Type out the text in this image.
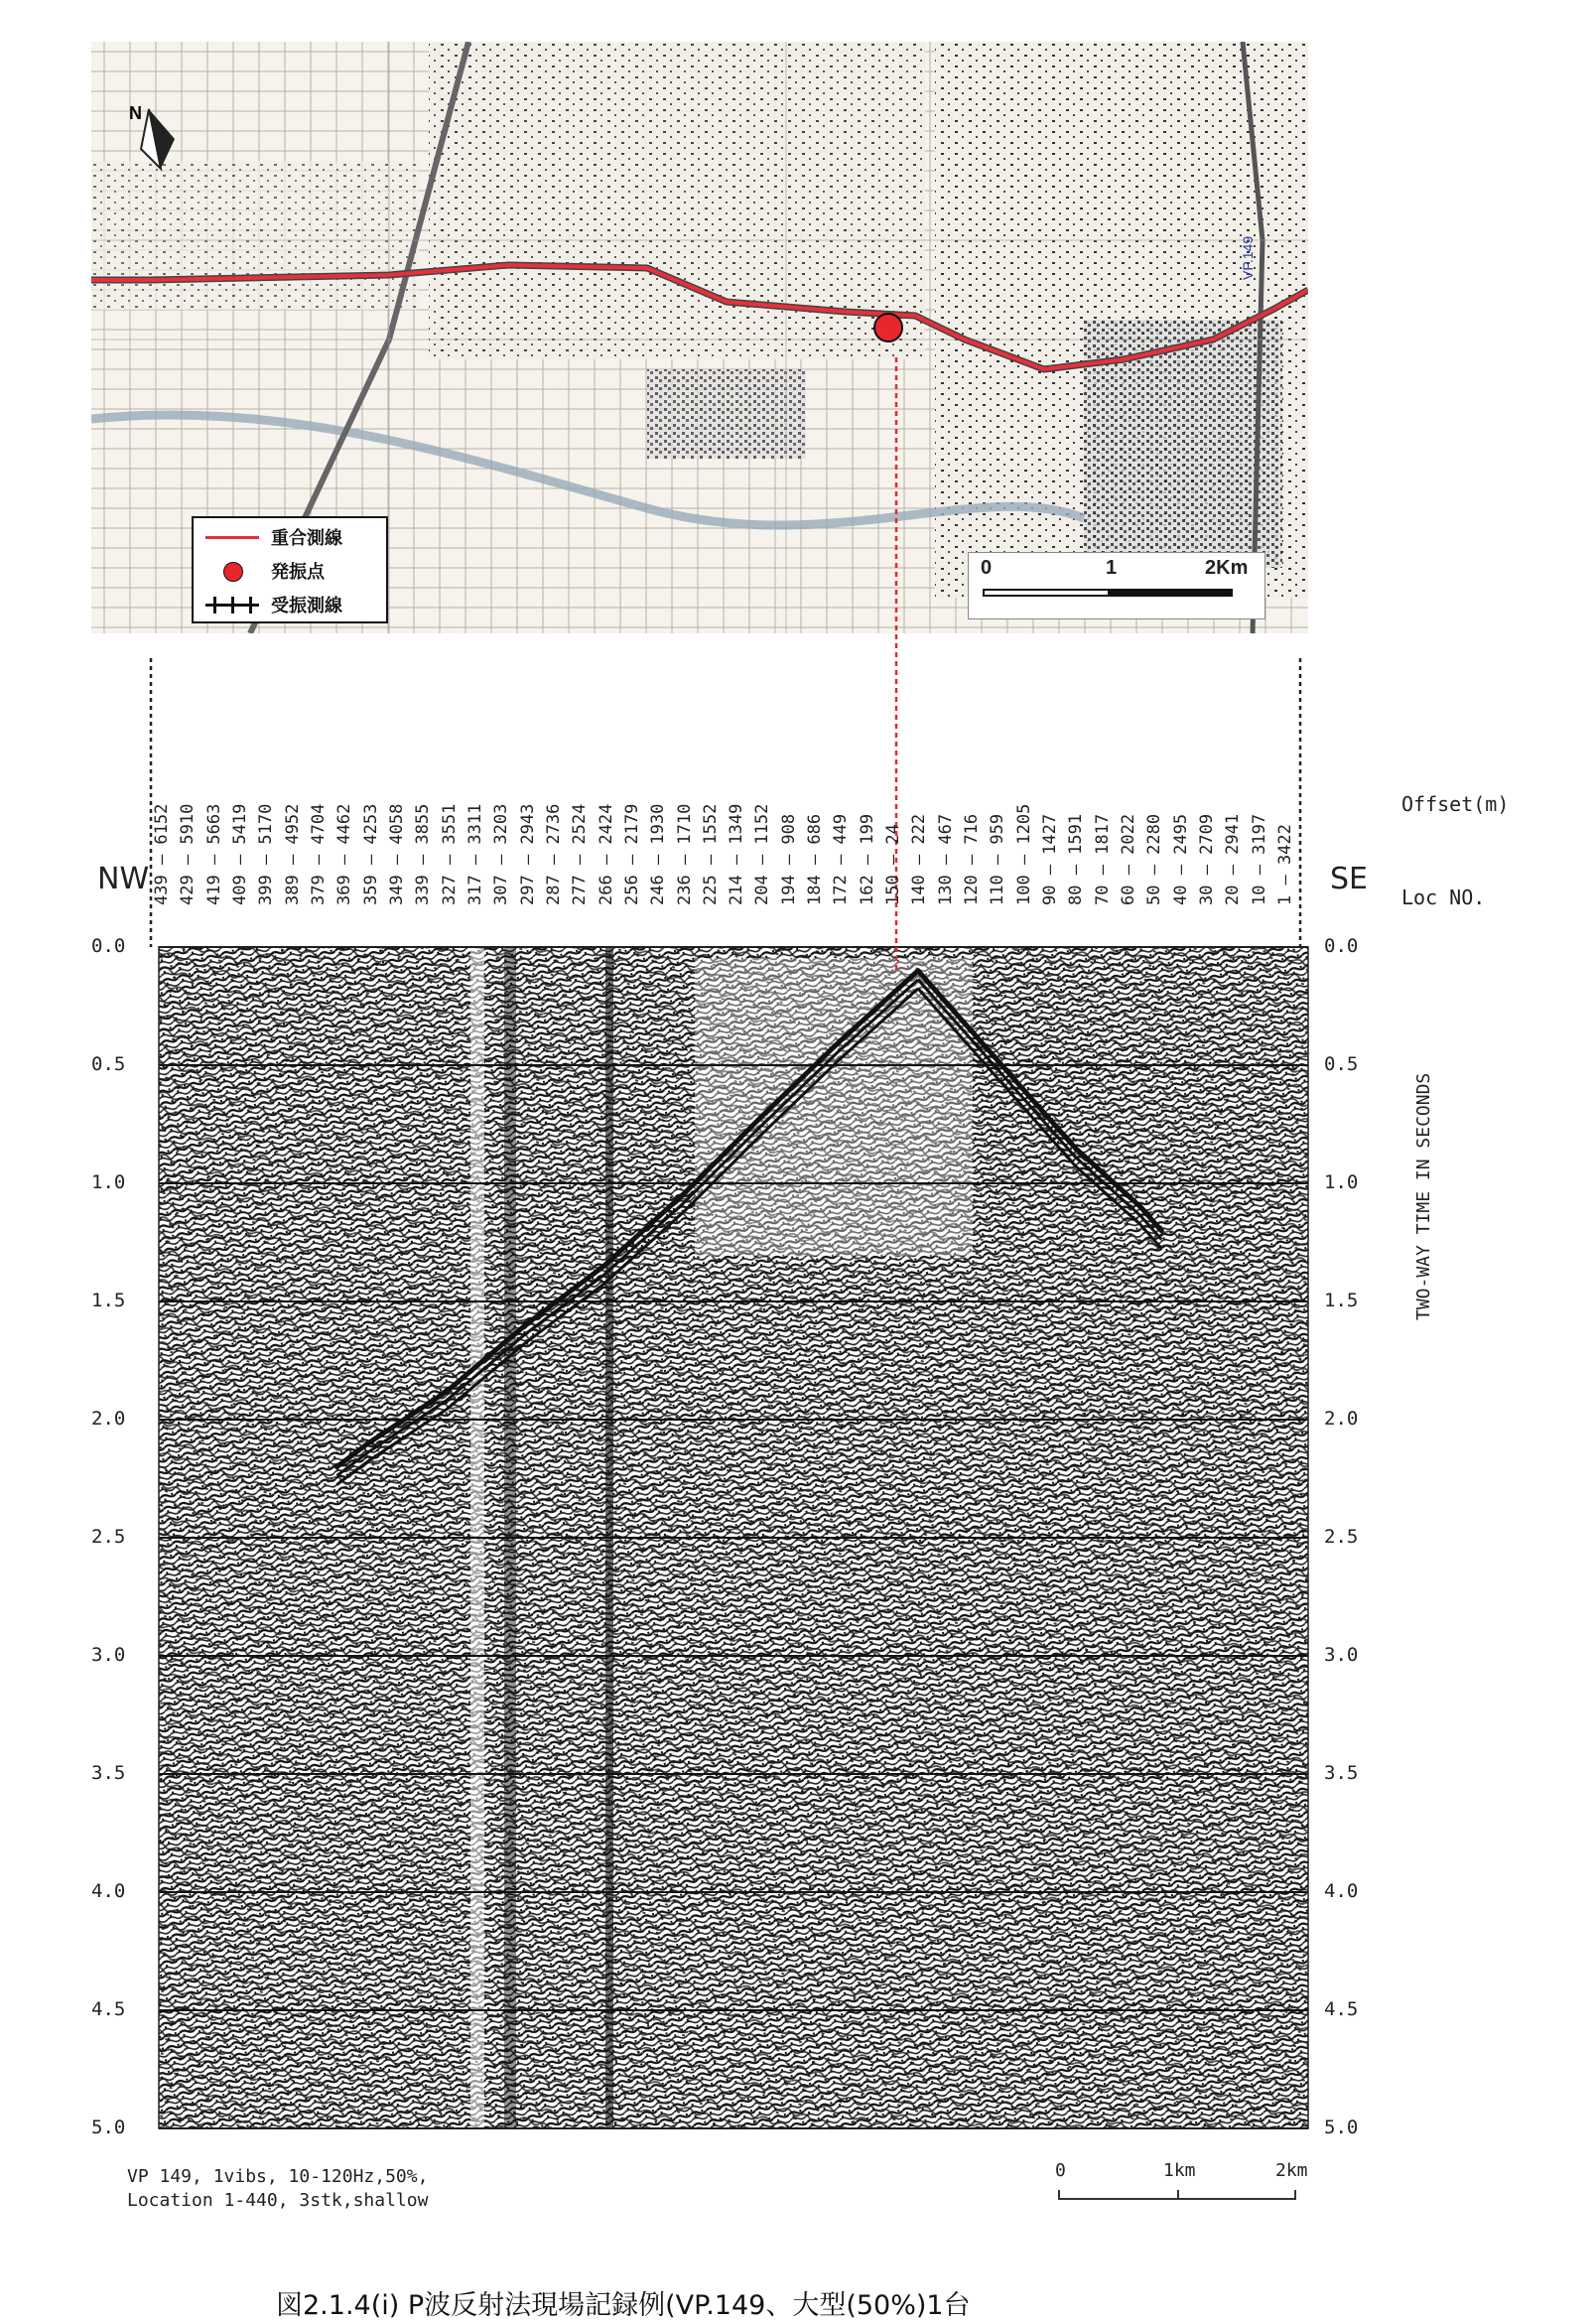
N
VP.149
重合測線
発振点
受振測線
0	1	2Km
0.0	0.0
0.5	0.5
1.0	1.0
1.5	1.5
2.0	2.0
2.5	2.5
3.0	3.0
3.5	3.5
4.0	4.0
4.5	4.5
5.0	5.0
NW	SE
Offset(m)
Loc NO.
TWO-WAY TIME IN SECONDS
439 — 6152 429 — 5910 419 — 5663 409 — 5419 399 — 5170 389 — 4952 379 — 4704 369 — 4462 359 — 4253 349 — 4058 339 — 3855 327 — 3551 317 — 3311 307 — 3203 297 — 2943 287 — 2736 277 — 2524 266 — 2424 256 — 2179 246 — 1930 236 — 1710 225 — 1552 214 — 1349 204 — 1152 194 — 908 184 — 686 172 — 449 162 — 199 150 — 24 140 — 222 130 — 467 120 — 716 110 — 959 100 — 1205 90 — 1427 80 — 1591 70 — 1817 60 — 2022 50 — 2280 40 — 2495 30 — 2709 20 — 2941 10 — 3197 1 — 3422
VP 149, 1vibs, 10-120Hz,50%,
Location 1-440, 3stk,shallow
0	1km	2km
図2.1.4(i) P波反射法現場記録例(VP.149、大型(50%)1台
